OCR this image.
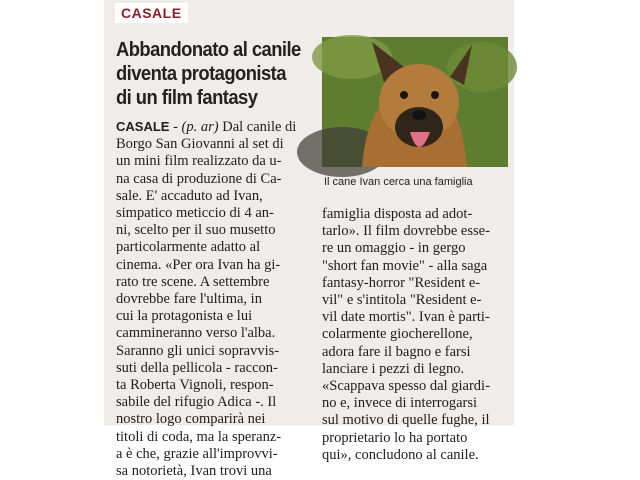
CASALE
Abbandonato al canile
diventa protagonista
di un film fantasy
Il cane Ivan cerca una famiglia
CASALE - (p. ar) Dal canile di
Borgo San Giovanni al set di
un mini film realizzato da u-
na casa di produzione di Ca-
sale. E' accaduto ad Ivan,
simpatico meticcio di 4 an-
ni, scelto per il suo musetto
particolarmente adatto al
cinema. «Per ora Ivan ha gi-
rato tre scene. A settembre
dovrebbe fare l'ultima, in
cui la protagonista e lui
cammineranno verso l'alba.
Saranno gli unici sopravvis-
suti della pellicola - raccon-
ta Roberta Vignoli, respon-
sabile del rifugio Adica -. Il
nostro logo comparirà nei
titoli di coda, ma la speranz-
a è che, grazie all'improvvi-
sa notorietà, Ivan trovi una
famiglia disposta ad adot-
tarlo». Il film dovrebbe esse-
re un omaggio - in gergo
"short fan movie" - alla saga
fantasy-horror "Resident e-
vil" e s'intitola "Resident e-
vil date mortis". Ivan è parti-
colarmente giocherellone,
adora fare il bagno e farsi
lanciare i pezzi di legno.
«Scappava spesso dal giardi-
no e, invece di interrogarsi
sul motivo di quelle fughe, il
proprietario lo ha portato
qui», concludono al canile.
